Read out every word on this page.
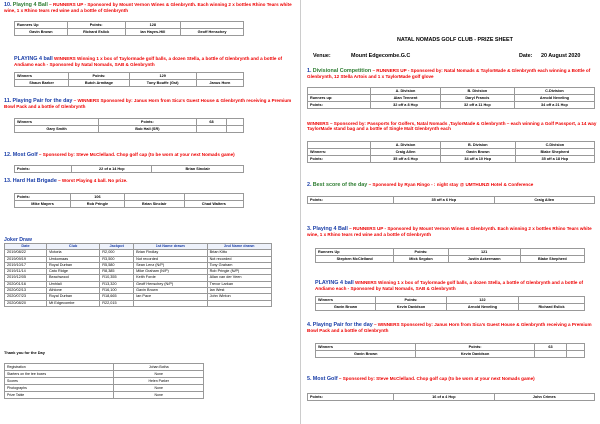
10. Playing 4 Ball – RUNNERS UP - Sponsored by Mount Vernon Wines & Glenbrynth. Each winning 2 x bottles Rhino Tears white wine, 1 x Rhino tears red wine and a bottle of Glenbrynth
Runners Up	Points:	128	
Gavin Brown	Richard Eslick	Ian Hayes-Hill	Geoff Henschey
PLAYING 4 ball WINNERS Winning 1 x box of Taylormade golf balls, a dozen Stella, a bottle of Glenbrynth and a bottle of Andiamo each - Sponsored by Natal Nomads, SAB & Glenbrynth
Winners	Points:	129	
Shaun Barker	Butch Armitage	Tony Bouffe (Gst)	Janus Horn
11. Playing Pair for the day – WINNERS Sponsored by: Janus Horn from Sica's Guest House & Glenbrynth receiving a Premium Bowl Pack and a bottle of Glenbrynth
Winners	Points:	68	
Gary Smith	Bob Hall (SR)		
12. Most Golf – Sponsored by: Steve McClelland. Chop golf cap (to be worn at your next Nomads game)
Points:	22 of a 14 Hcp	Brian Sinclair
13. Hard Hat Brigade – Worst Playing 4 ball. No prize.
Points:	106		
Mike Mayers	Rob Pringle	Brian Sinclair	Chad Walters
Joker Draw
Date	Club	Jackpot	1st Name drawn	2nd Name drawn
2019/08/22	Victoria	R2,000	Brian Findlay	Brian Kitto
2019/09/19	Umkomaas	R3,500	Not recorded	Not recorded
2019/10/17	Royal Durban	R5,580	Sean Lenz (N/P)	Tony Graham
2019/11/14	Cato Ridge	R8,385	Mike Graham (N/P)	Rob Pringle (N/P)
2019/12/05	Beachwood	R10,355	Keith Forde	Allan van der Veen
2020/01/16	Umhlali	R13,320	Geoff Henschey (N/P)	Trevor Larkan
2020/02/13	Athlone	R16,100	Gavin Brown	Ian West
2020/07/23	Royal Durban	R18,665	Ian Pace	John Winton
2020/08/20	Mt Edgecombe	R22,015		
Thank you for the Day
Registration	Johan Botha
Starters on the tee boxes	None
Scores	Helen Parker
Photographs	None
Prize Table	None
NATAL NOMADS GOLF CLUB - PRIZE SHEET
Venue:	Mount Edgecombe.G.C	Date: 20 August 2020
1. Divisional Competition – RUNNERS UP - Sponsored by: Natal Nomads & TaylorMade & Glenbrynth each winning a Bottle of Glenbrynth, 12 Stella Artois and 1 x TaylorMade golf glove
	A. Division	B. Division	C.Division
Runners up:	Alan Tennent	Daryl Francis	Arnold Neveling
Points:	32 off a 8 Hcp	32 off a 11 Hcp	34 off a 21 Hcp
WINNERS – Sponsored by: Passports for Golfers, Natal Nomads ,TaylorMade & Glenbrynth – each winning a Golf Passport, a 14 way TaylorMade stand bag and a bottle of Single Malt Glenbrynth each
	A. Division	B. Division	C.Division
Winners:	Craig Allen	Gavin Brown	Blake Shepherd
Points:	35 off a 6 Hcp	34 off a 10 Hcp	35 off a 18 Hcp
2. Best score of the day – Sponsored by Ryan Ringo - : night stay @ UMTHUNZI Hotel & Conference
Points:	35 off a 6 Hcp	Craig Allen
3. Playing 4 Ball – RUNNERS UP - Sponsored by Mount Vernon Wines & Glenbrynth. Each winning 2 x bottles Rhino Tears white wine, 1 x Rhino tears red wine and a bottle of Glenbrynth
Runners Up	Points:	121	
Stephen McClelland	Mick Segdon	Justin Ackermann	Blake Shepherd
PLAYING 4 ball WINNERS Winning 1 x box of Taylormade golf balls, a dozen Stella, a bottle of Glenbrynth and a bottle of Andiamo each - Sponsored by Natal Nomads, SAB & Glenbrynth
Winners	Points:	122	
Gavin Brown	Kevin Davidson	Arnold Neveling	Richard Eslick
4. Playing Pair for the day – WINNERS Sponsored by: Janus Horn from Sica's Guest House & Glenbrynth receiving a Premium Bowl Pack and a bottle of Glenbrynth
Winners	Points:	63	
Gavin Brown	Kevin Davidson		
5. Most Golf – Sponsored by: Steve McClelland. Chop golf cap (to be worn at your next Nomads game)
Points:	16 of a 4 Hcp	John Crimes
